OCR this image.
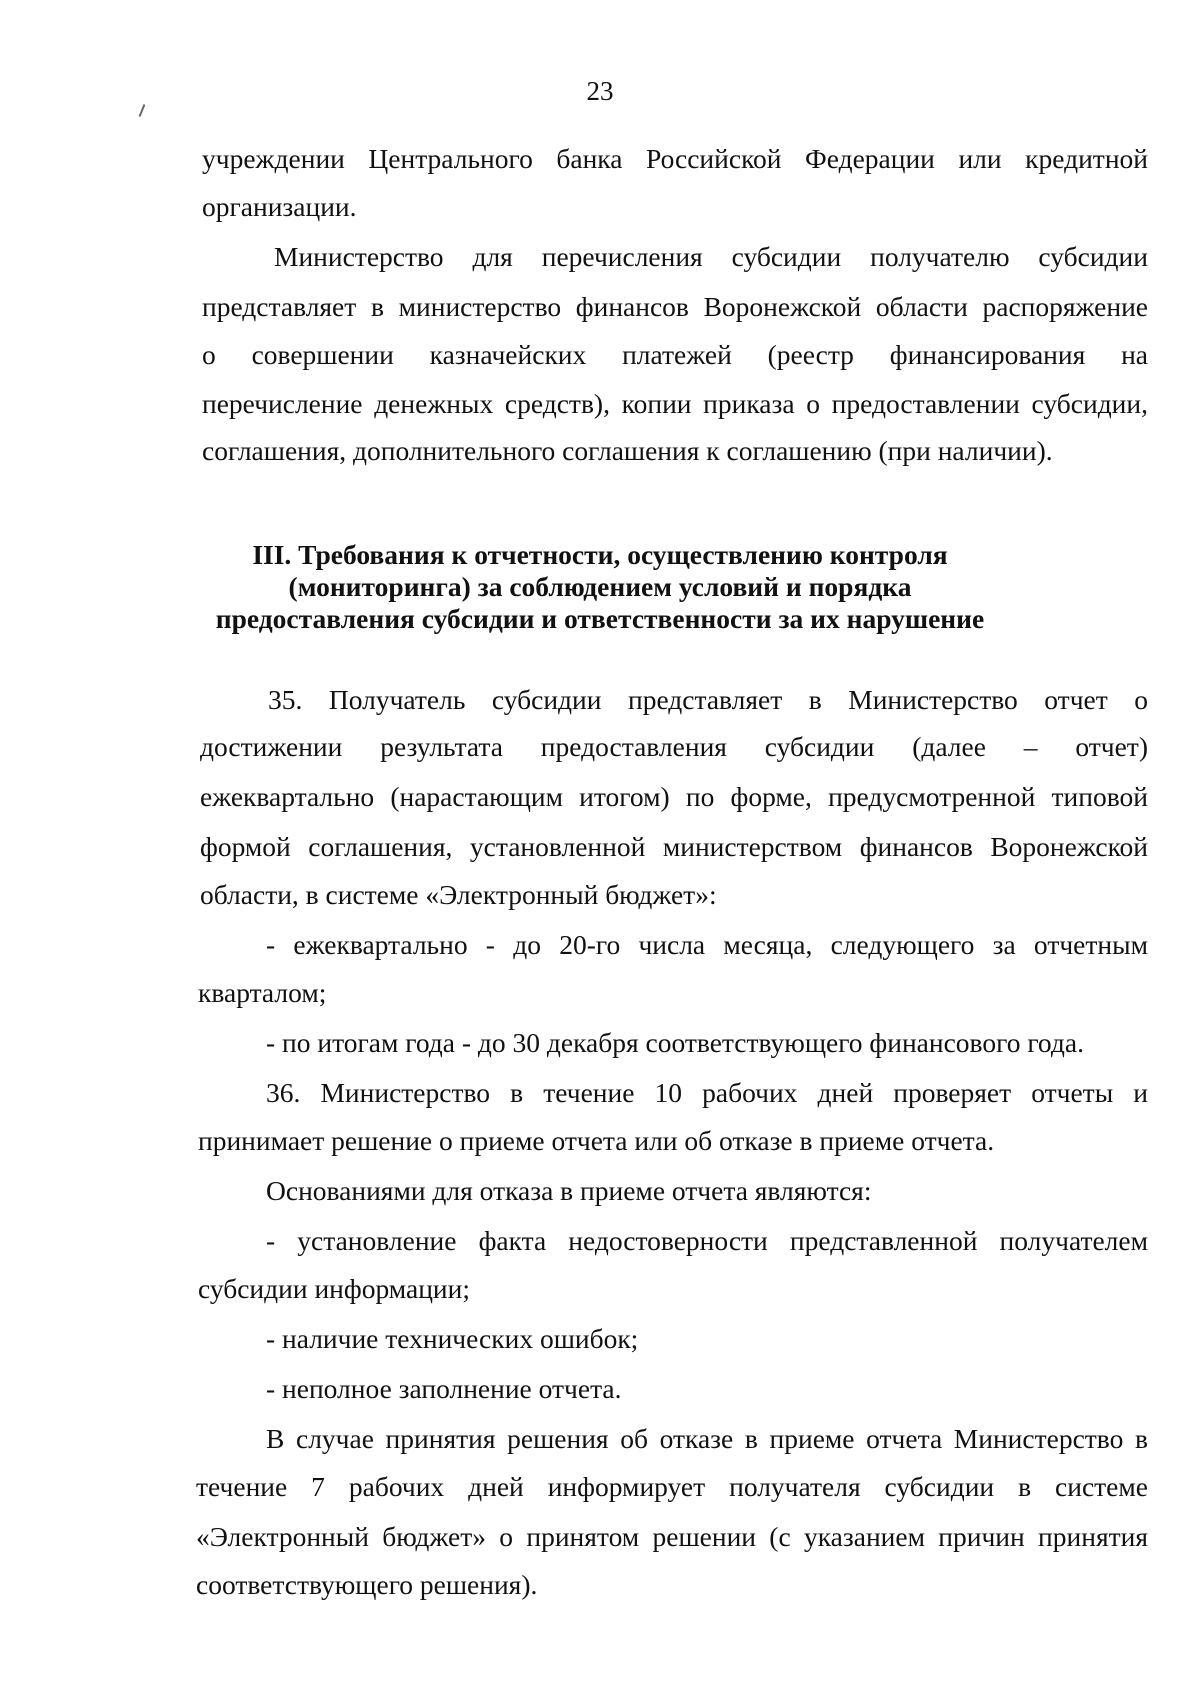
23
учреждении Центрального банка Российской Федерации или кредитной
организации.
Министерство для перечисления субсидии получателю субсидии
представляет в министерство финансов Воронежской области распоряжение
о совершении казначейских платежей (реестр финансирования на
перечисление денежных средств), копии приказа о предоставлении субсидии,
соглашения, дополнительного соглашения к соглашению (при наличии).
III. Требования к отчетности, осуществлению контроля
(мониторинга) за соблюдением условий и порядка
предоставления субсидии и ответственности за их нарушение
35. Получатель субсидии представляет в Министерство отчет о
достижении результата предоставления субсидии (далее – отчет)
ежеквартально (нарастающим итогом) по форме, предусмотренной типовой
формой соглашения, установленной министерством финансов Воронежской
области, в системе «Электронный бюджет»:
- ежеквартально - до 20-го числа месяца, следующего за отчетным
кварталом;
- по итогам года - до 30 декабря соответствующего финансового года.
36. Министерство в течение 10 рабочих дней проверяет отчеты и
принимает решение о приеме отчета или об отказе в приеме отчета.
Основаниями для отказа в приеме отчета являются:
- установление факта недостоверности представленной получателем
субсидии информации;
- наличие технических ошибок;
- неполное заполнение отчета.
В случае принятия решения об отказе в приеме отчета Министерство в
течение 7 рабочих дней информирует получателя субсидии в системе
«Электронный бюджет» о принятом решении (с указанием причин принятия
соответствующего решения).
